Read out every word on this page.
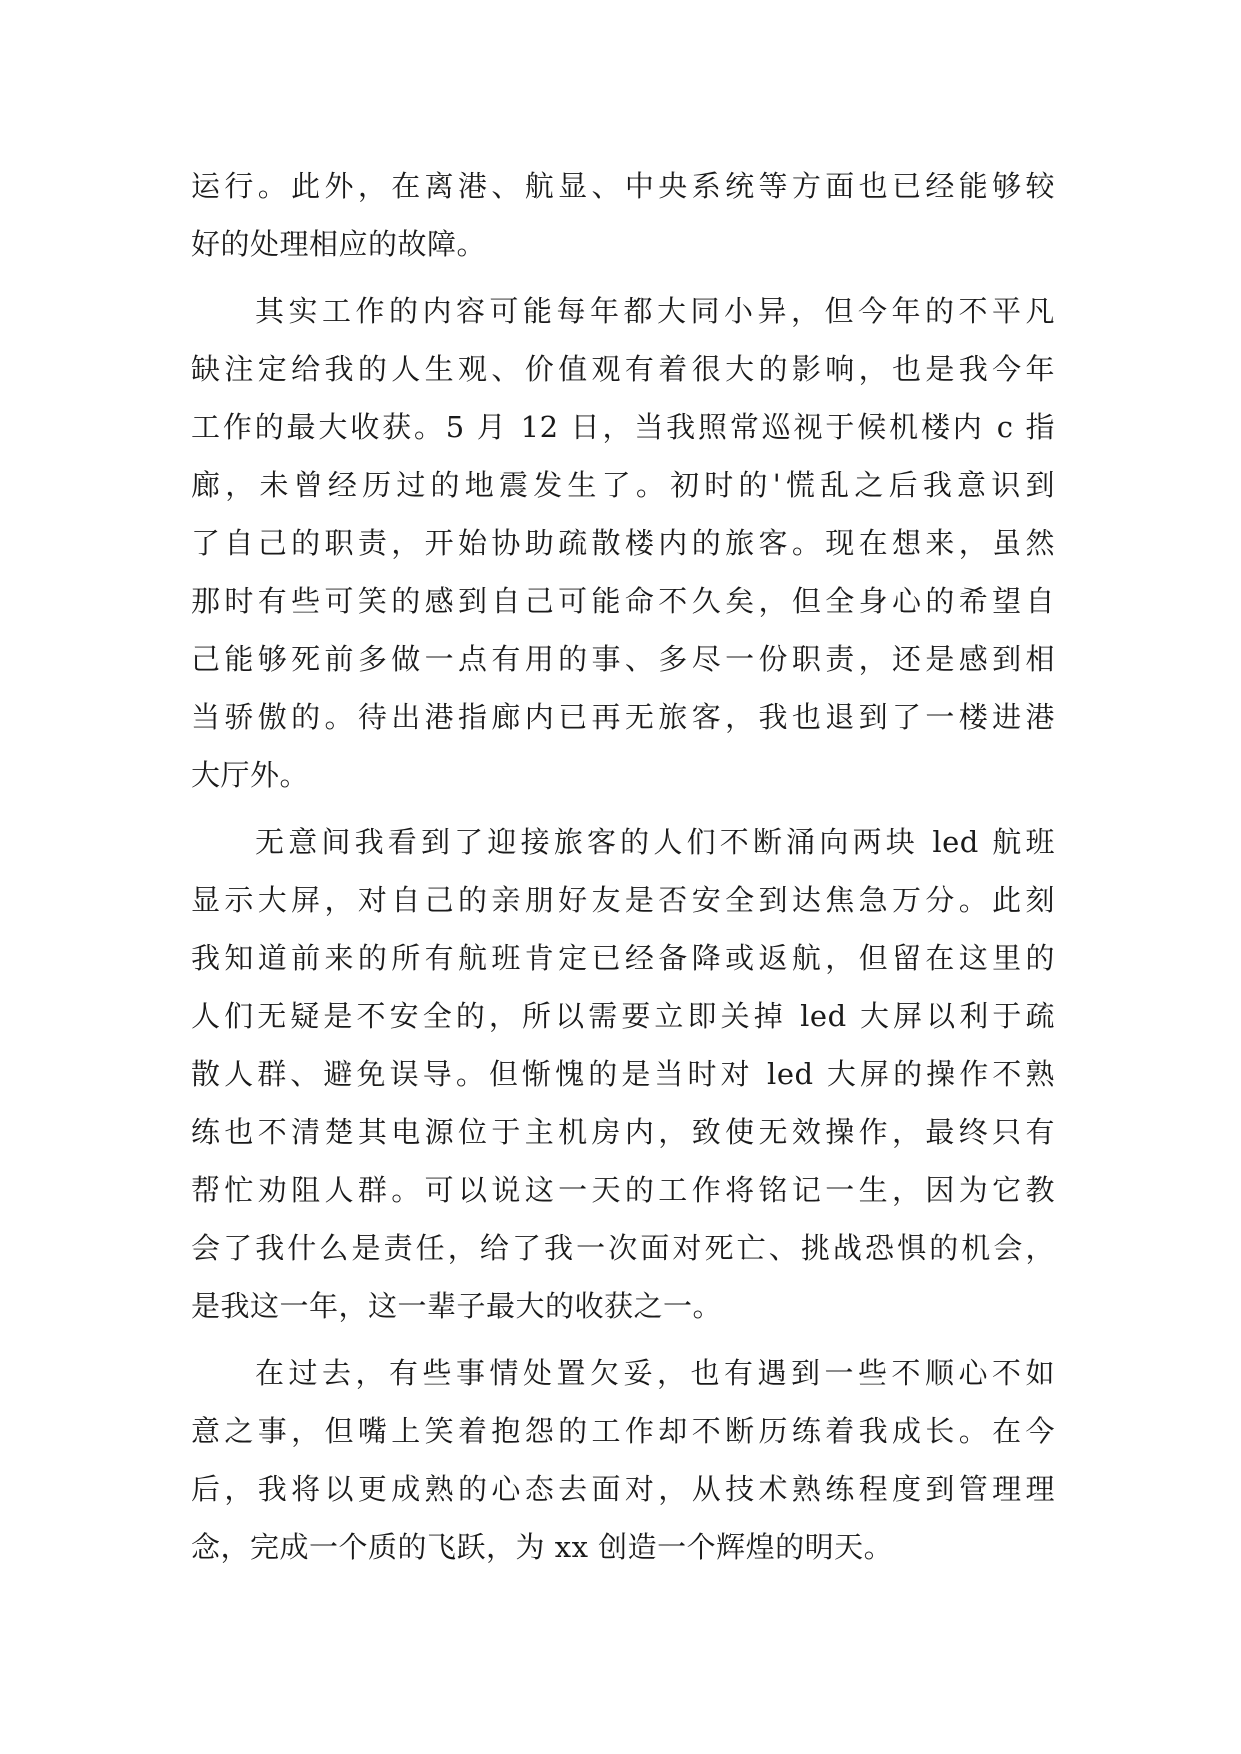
运行。此外，在离港、航显、中央系统等方面也已经能够较
好的处理相应的故障。
其实工作的内容可能每年都大同小异，但今年的不平凡
缺注定给我的人生观、价值观有着很大的影响，也是我今年
工作的最大收获。5 月 12 日，当我照常巡视于候机楼内 c 指
廊，未曾经历过的地震发生了。初时的'慌乱之后我意识到
了自己的职责，开始协助疏散楼内的旅客。现在想来，虽然
那时有些可笑的感到自己可能命不久矣，但全身心的希望自
己能够死前多做一点有用的事、多尽一份职责，还是感到相
当骄傲的。待出港指廊内已再无旅客，我也退到了一楼进港
大厅外。
无意间我看到了迎接旅客的人们不断涌向两块 led 航班
显示大屏，对自己的亲朋好友是否安全到达焦急万分。此刻
我知道前来的所有航班肯定已经备降或返航，但留在这里的
人们无疑是不安全的，所以需要立即关掉 led 大屏以利于疏
散人群、避免误导。但惭愧的是当时对 led 大屏的操作不熟
练也不清楚其电源位于主机房内，致使无效操作，最终只有
帮忙劝阻人群。可以说这一天的工作将铭记一生，因为它教
会了我什么是责任，给了我一次面对死亡、挑战恐惧的机会，
是我这一年，这一辈子最大的收获之一。
在过去，有些事情处置欠妥，也有遇到一些不顺心不如
意之事，但嘴上笑着抱怨的工作却不断历练着我成长。在今
后，我将以更成熟的心态去面对，从技术熟练程度到管理理
念，完成一个质的飞跃，为 xx 创造一个辉煌的明天。
